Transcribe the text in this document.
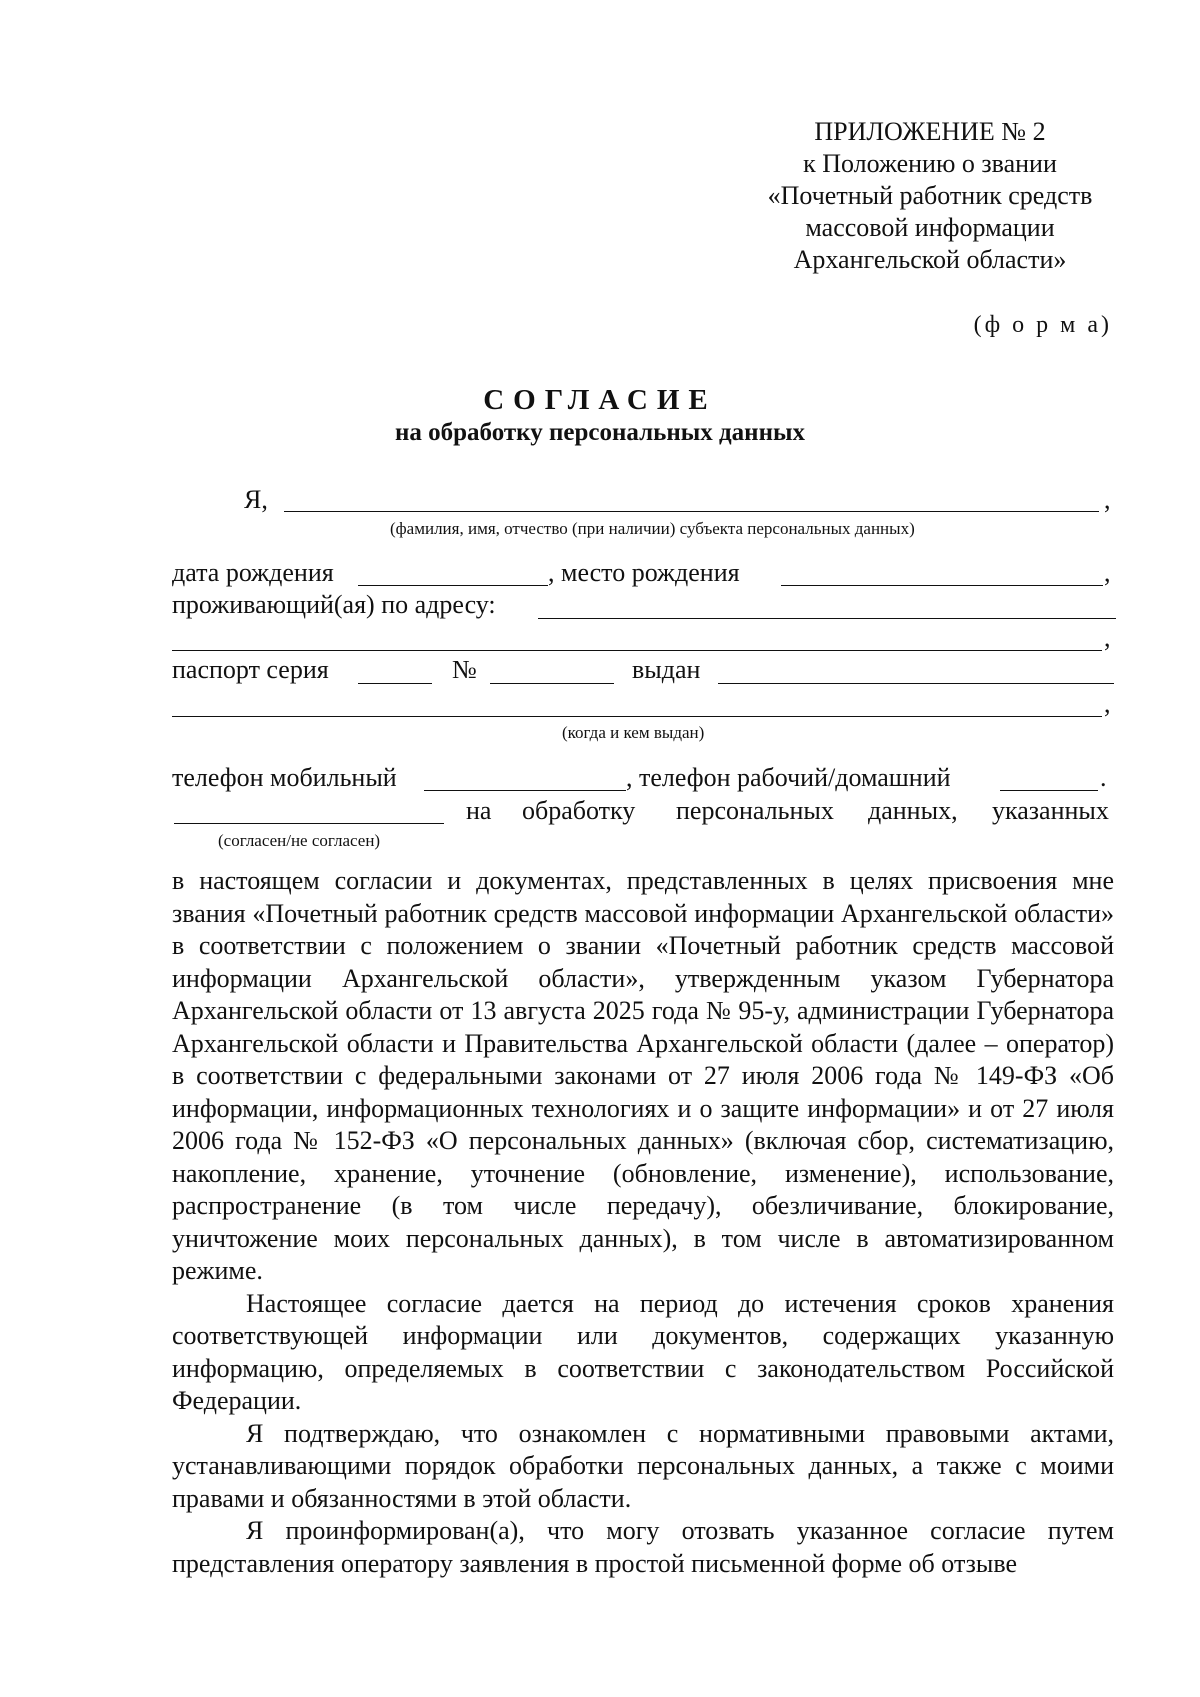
ПРИЛОЖЕНИЕ № 2
к Положению о звании
«Почетный работник средств
массовой информации
Архангельской области»
(ф о р м а)
СОГЛАСИЕ
на обработку персональных данных
Я,	,
(фамилия, имя, отчество (при наличии) субъекта персональных данных)
дата рождения	, место рождения	,
проживающий(ая) по адресу:
,
паспорт серия	№	выдан
,
(когда и кем выдан)
телефон мобильный	, телефон рабочий/домашний	.
на обработку персональных данных, указанных
(согласен/не согласен)

в настоящем согласии и документах, представленных в целях присвоения мне звания «Почетный работник средств массовой информации Архангельской области» в соответствии с положением о звании «Почетный работник средств массовой информации Архангельской области», утвержденным указом Губернатора Архангельской области от 13 августа 2025 года № 95-у, администрации Губернатора Архангельской области и Правительства Архангельской области (далее – оператор) в соответствии с федеральными законами от 27 июля 2006 года № 149-ФЗ «Об информации, информационных технологиях и о защите информации» и от 27 июля 2006 года № 152-ФЗ «О персональных данных» (включая сбор, систематизацию, накопление, хранение, уточнение (обновление, изменение), использование, распространение (в том числе передачу), обезличивание, блокирование, уничтожение моих персональных данных), в том числе в автоматизированном режиме.

Настоящее согласие дается на период до истечения сроков хранения соответствующей информации или документов, содержащих указанную информацию, определяемых в соответствии с законодательством Российской Федерации.

Я подтверждаю, что ознакомлен с нормативными правовыми актами, устанавливающими порядок обработки персональных данных, а также с моими правами и обязанностями в этой области.

Я проинформирован(а), что могу отозвать указанное согласие путем представления оператору заявления в простой письменной форме об отзыве
